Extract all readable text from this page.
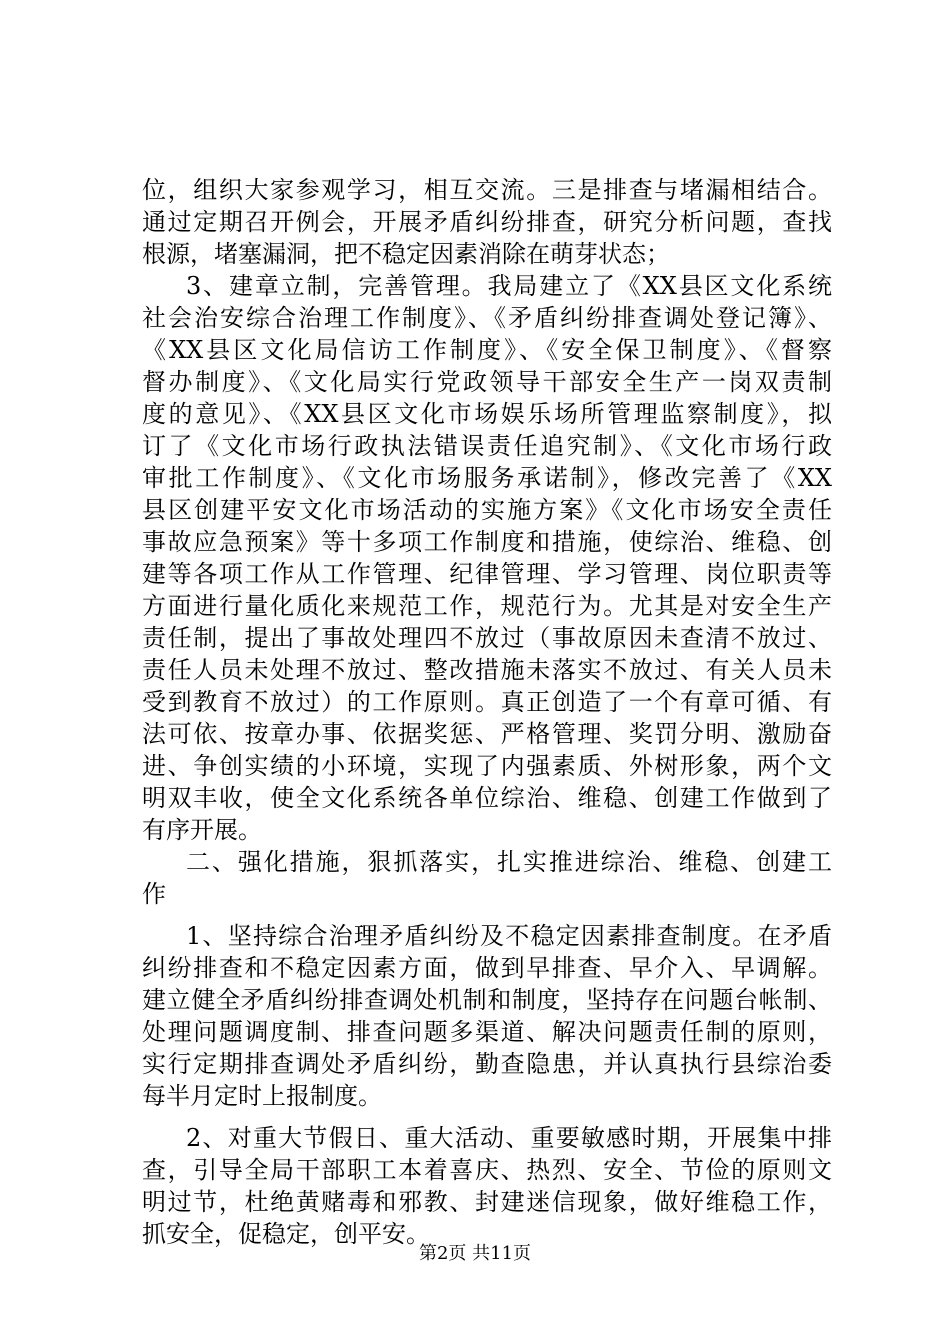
位，组织大家参观学习，相互交流。三是排查与堵漏相结合。
通过定期召开例会，开展矛盾纠纷排查，研究分析问题，查找
根源，堵塞漏洞，把不稳定因素消除在萌芽状态；
3、建章立制，完善管理。我局建立了《XX县区文化系统
社会治安综合治理工作制度》、《矛盾纠纷排查调处登记簿》、
《XX县区文化局信访工作制度》、《安全保卫制度》、《督察
督办制度》、《文化局实行党政领导干部安全生产一岗双责制
度的意见》、《XX县区文化市场娱乐场所管理监察制度》，拟
订了《文化市场行政执法错误责任追究制》、《文化市场行政
审批工作制度》、《文化市场服务承诺制》，修改完善了《XX
县区创建平安文化市场活动的实施方案》《文化市场安全责任
事故应急预案》等十多项工作制度和措施，使综治、维稳、创
建等各项工作从工作管理、纪律管理、学习管理、岗位职责等
方面进行量化质化来规范工作，规范行为。尤其是对安全生产
责任制，提出了事故处理四不放过（事故原因未查清不放过、
责任人员未处理不放过、整改措施未落实不放过、有关人员未
受到教育不放过）的工作原则。真正创造了一个有章可循、有
法可依、按章办事、依据奖惩、严格管理、奖罚分明、激励奋
进、争创实绩的小环境，实现了内强素质、外树形象，两个文
明双丰收，使全文化系统各单位综治、维稳、创建工作做到了
有序开展。
二、强化措施，狠抓落实，扎实推进综治、维稳、创建工
作
1、坚持综合治理矛盾纠纷及不稳定因素排查制度。在矛盾
纠纷排查和不稳定因素方面，做到早排查、早介入、早调解。
建立健全矛盾纠纷排查调处机制和制度，坚持存在问题台帐制、
处理问题调度制、排查问题多渠道、解决问题责任制的原则，
实行定期排查调处矛盾纠纷，勤查隐患，并认真执行县综治委
每半月定时上报制度。
2、对重大节假日、重大活动、重要敏感时期，开展集中排
查，引导全局干部职工本着喜庆、热烈、安全、节俭的原则文
明过节，杜绝黄赌毒和邪教、封建迷信现象，做好维稳工作，
抓安全，促稳定，创平安。
第2页 共11页
